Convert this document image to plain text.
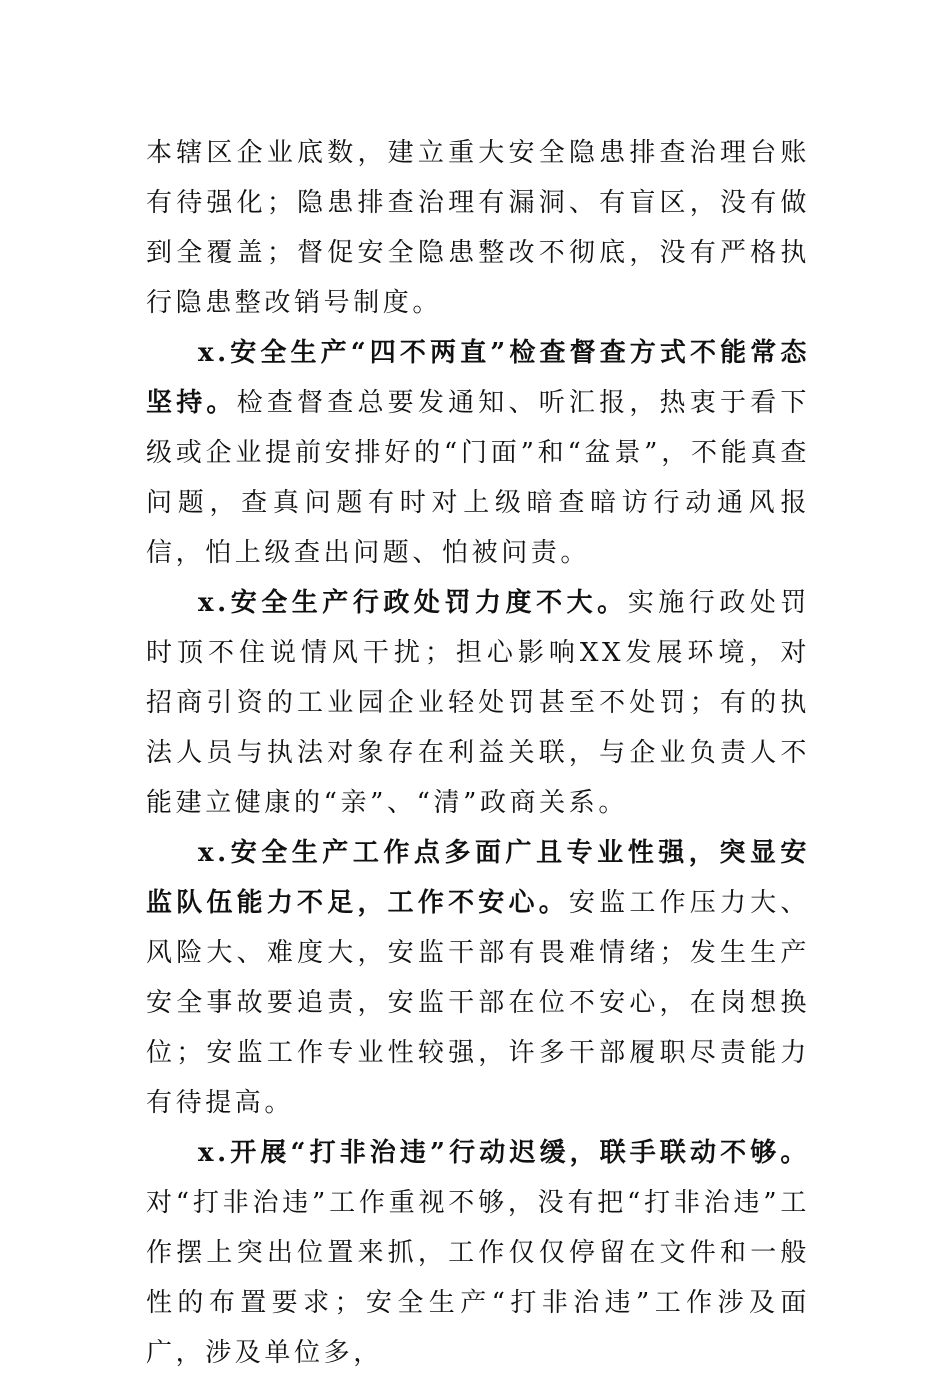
本辖区企业底数，建立重大安全隐患排查治理台账有待强化；隐患排查治理有漏洞、有盲区，没有做到全覆盖；督促安全隐患整改不彻底，没有严格执行隐患整改销号制度。

x.安全生产“四不两直”检查督查方式不能常态坚持。检查督查总要发通知、听汇报，热衷于看下级或企业提前安排好的“门面”和“盆景”，不能真查问题，查真问题有时对上级暗查暗访行动通风报信，怕上级查出问题、怕被问责。

x.安全生产行政处罚力度不大。实施行政处罚时顶不住说情风干扰；担心影响XX发展环境，对招商引资的工业园企业轻处罚甚至不处罚；有的执法人员与执法对象存在利益关联，与企业负责人不能建立健康的“亲”、“清”政商关系。

x.安全生产工作点多面广且专业性强，突显安监队伍能力不足，工作不安心。安监工作压力大、风险大、难度大，安监干部有畏难情绪；发生生产安全事故要追责，安监干部在位不安心，在岗想换位；安监工作专业性较强，许多干部履职尽责能力有待提高。

x.开展“打非治违”行动迟缓，联手联动不够。对“打非治违”工作重视不够，没有把“打非治违”工作摆上突出位置来抓，工作仅仅停留在文件和一般性的布置要求；安全生产“打非治违”工作涉及面广，涉及单位多，
